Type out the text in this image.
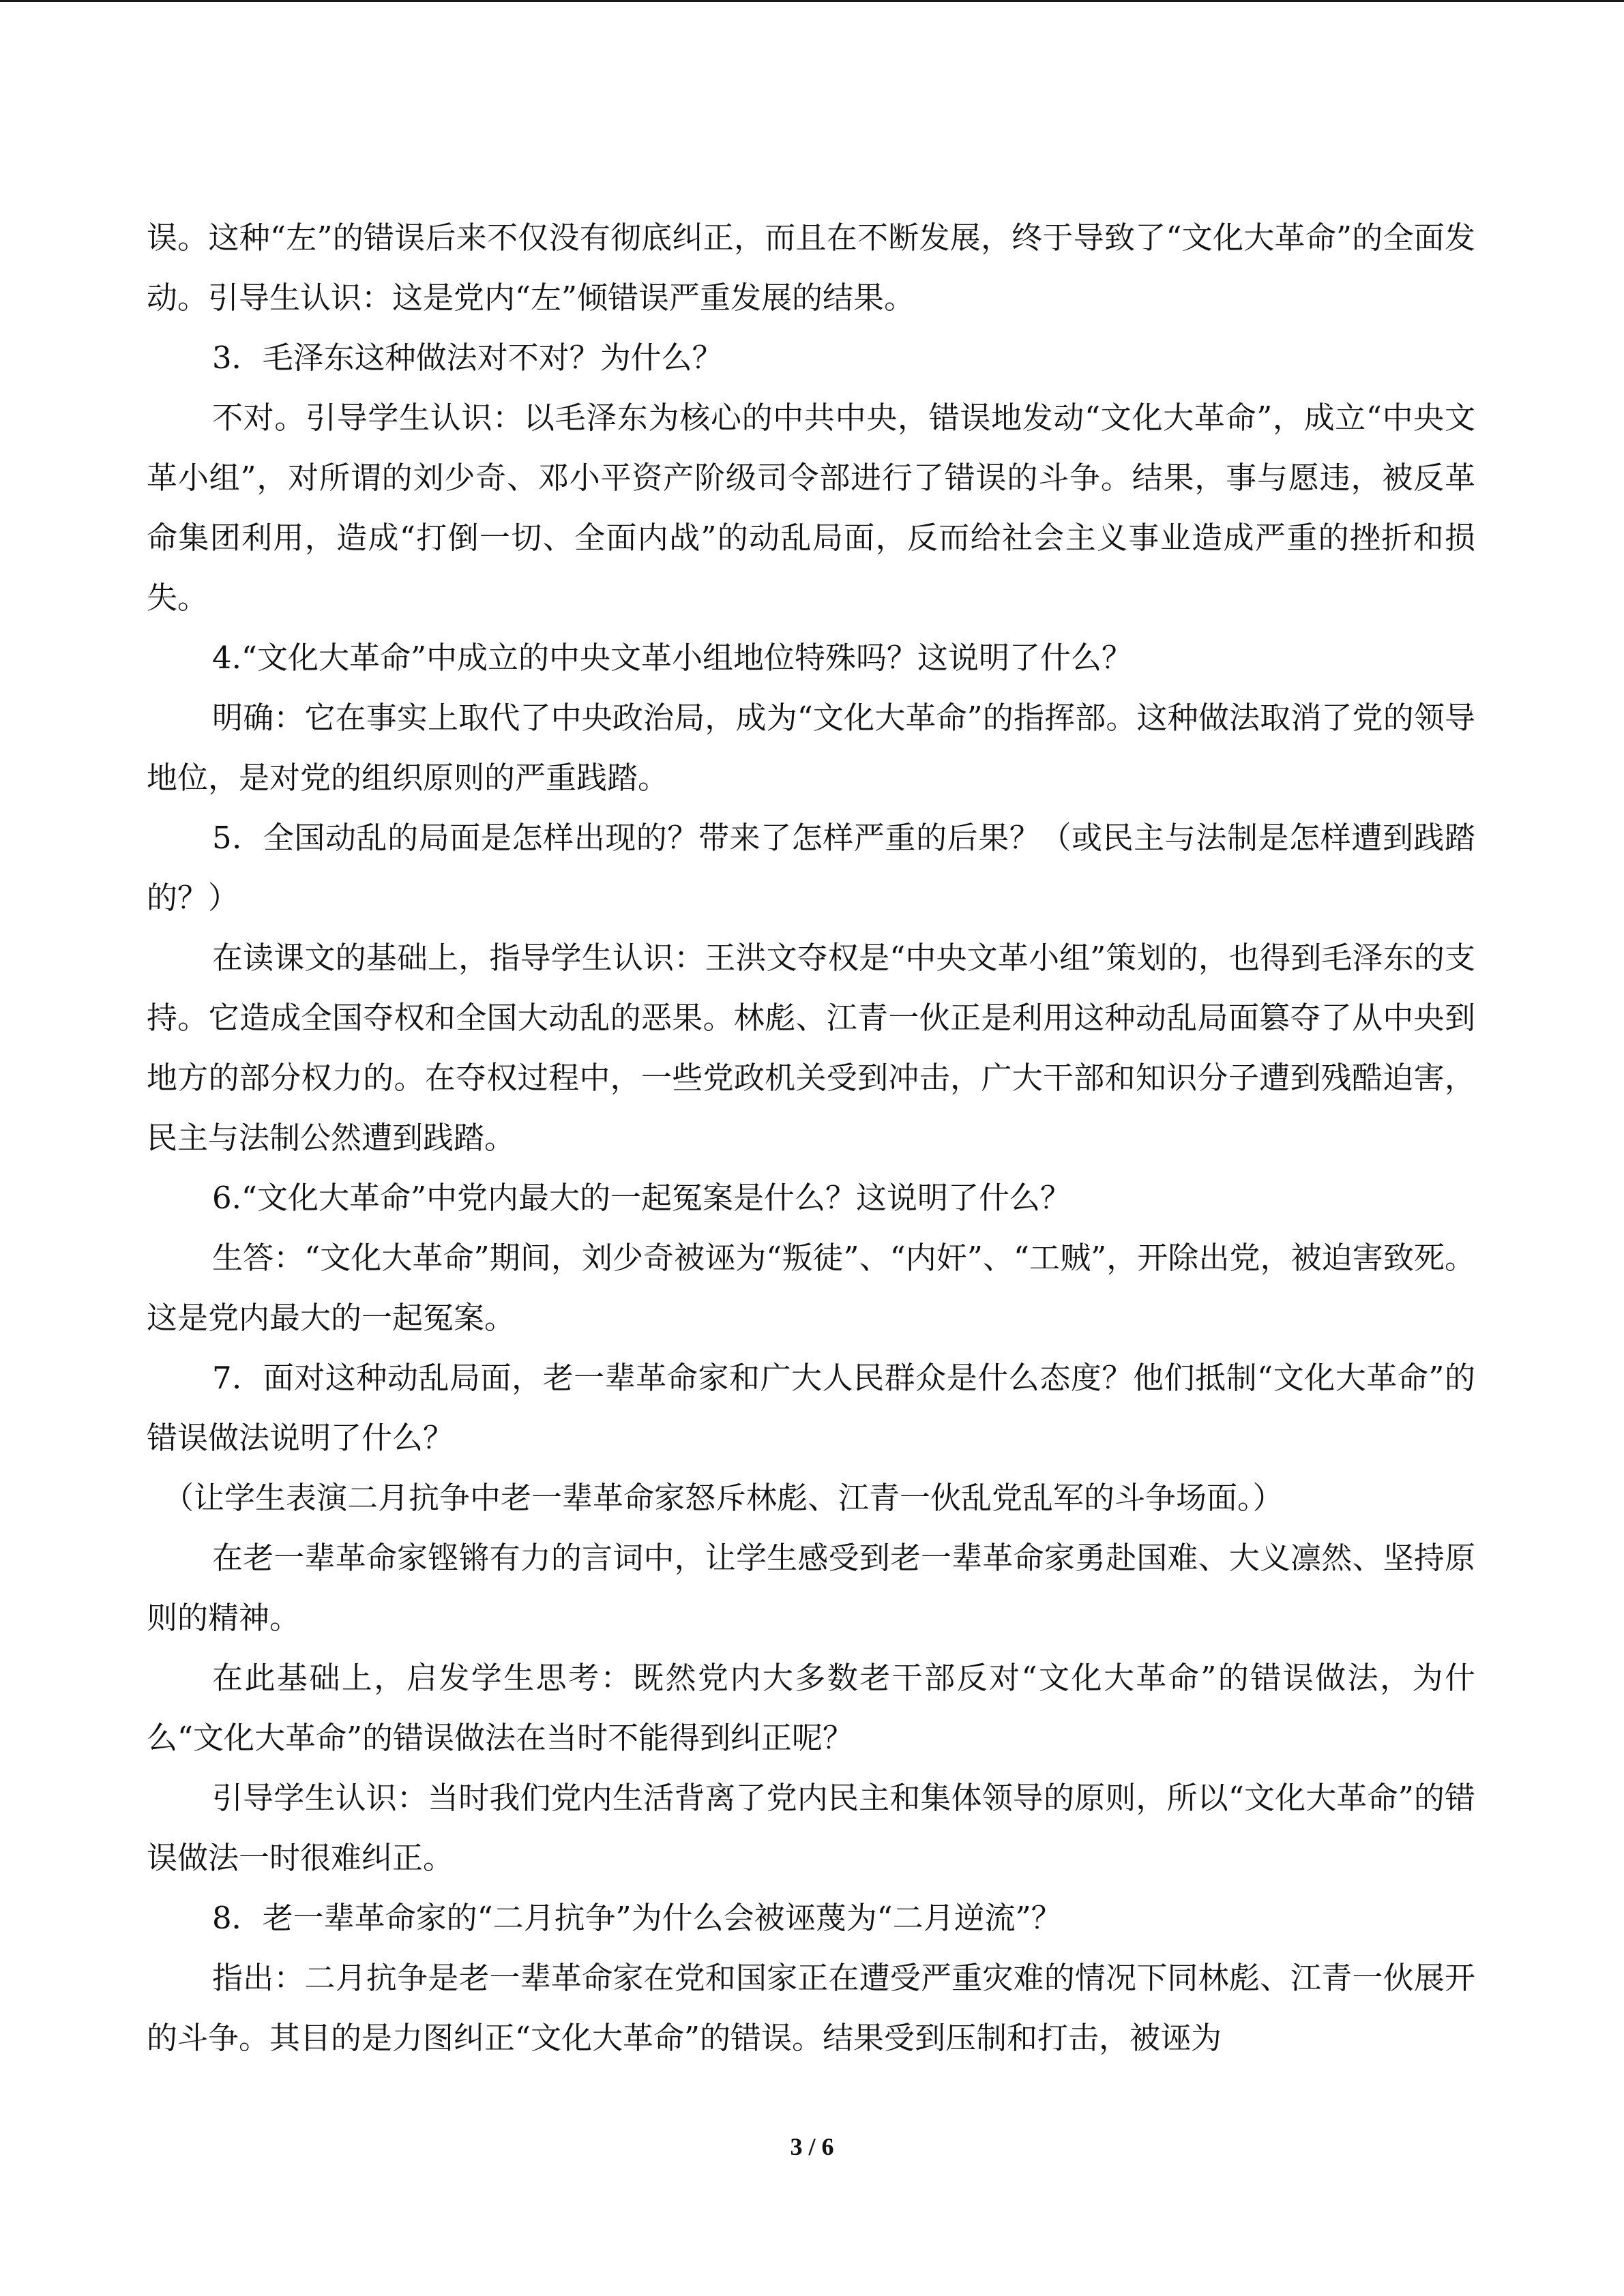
误。这种“左”的错误后来不仅没有彻底纠正，而且在不断发展，终于导致了“文化大革命”的全面发动。引导生认识：这是党内“左”倾错误严重发展的结果。

3．毛泽东这种做法对不对？为什么？

不对。引导学生认识：以毛泽东为核心的中共中央，错误地发动“文化大革命”，成立“中央文革小组”，对所谓的刘少奇、邓小平资产阶级司令部进行了错误的斗争。结果，事与愿违，被反革命集团利用，造成“打倒一切、全面内战”的动乱局面，反而给社会主义事业造成严重的挫折和损失。

4.“文化大革命”中成立的中央文革小组地位特殊吗？这说明了什么？

明确：它在事实上取代了中央政治局，成为“文化大革命”的指挥部。这种做法取消了党的领导地位，是对党的组织原则的严重践踏。

5．全国动乱的局面是怎样出现的？带来了怎样严重的后果？（或民主与法制是怎样遭到践踏的？）

在读课文的基础上，指导学生认识：王洪文夺权是“中央文革小组”策划的，也得到毛泽东的支持。它造成全国夺权和全国大动乱的恶果。林彪、江青一伙正是利用这种动乱局面篡夺了从中央到地方的部分权力的。在夺权过程中，一些党政机关受到冲击，广大干部和知识分子遭到残酷迫害，民主与法制公然遭到践踏。

6.“文化大革命”中党内最大的一起冤案是什么？这说明了什么？

生答：“文化大革命”期间，刘少奇被诬为“叛徒”、“内奸”、“工贼”，开除出党，被迫害致死。这是党内最大的一起冤案。

7．面对这种动乱局面，老一辈革命家和广大人民群众是什么态度？他们抵制“文化大革命”的错误做法说明了什么？

（让学生表演二月抗争中老一辈革命家怒斥林彪、江青一伙乱党乱军的斗争场面。）

在老一辈革命家铿锵有力的言词中，让学生感受到老一辈革命家勇赴国难、大义凛然、坚持原则的精神。

在此基础上，启发学生思考：既然党内大多数老干部反对“文化大革命”的错误做法，为什么“文化大革命”的错误做法在当时不能得到纠正呢？

引导学生认识：当时我们党内生活背离了党内民主和集体领导的原则，所以“文化大革命”的错误做法一时很难纠正。

8．老一辈革命家的“二月抗争”为什么会被诬蔑为“二月逆流”？

指出：二月抗争是老一辈革命家在党和国家正在遭受严重灾难的情况下同林彪、江青一伙展开的斗争。其目的是力图纠正“文化大革命”的错误。结果受到压制和打击，被诬为

3 / 6
